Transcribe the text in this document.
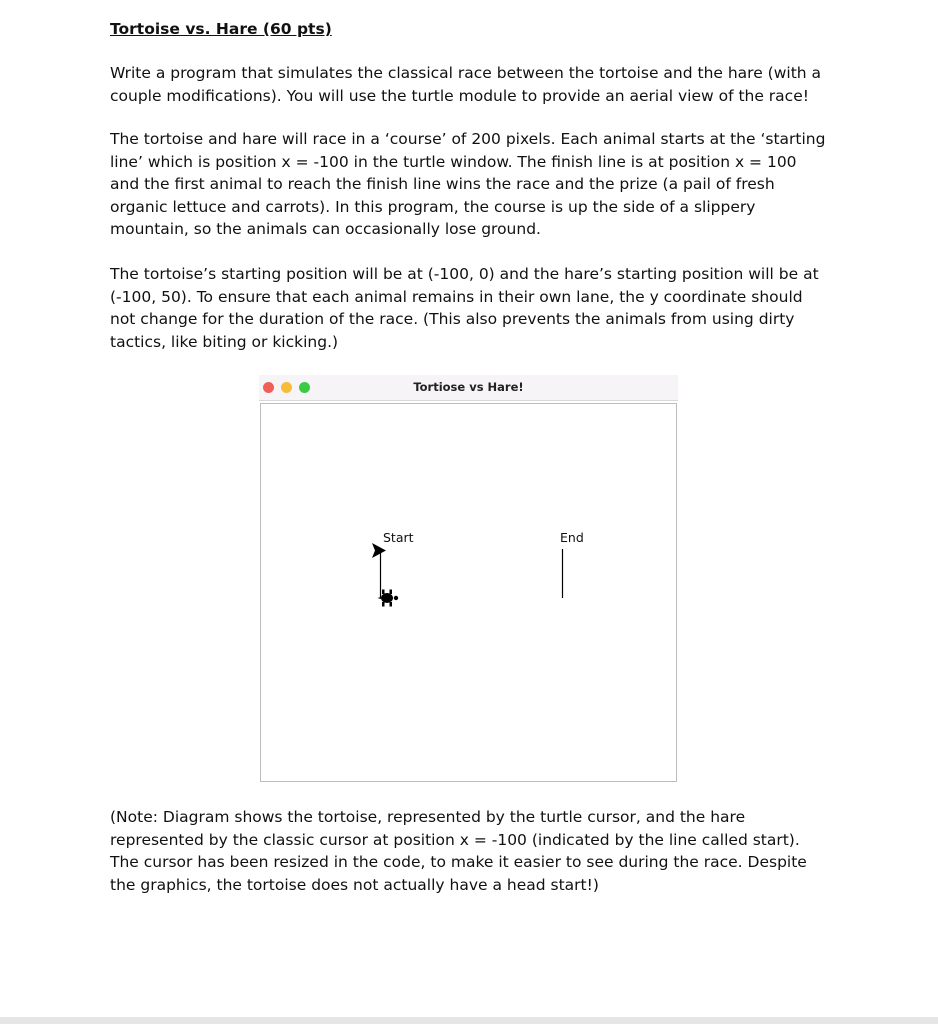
Tortoise vs. Hare (60 pts)

Write a program that simulates the classical race between the tortoise and the hare (with a couple modifications). You will use the turtle module to provide an aerial view of the race!

The tortoise and hare will race in a ‘course’ of 200 pixels. Each animal starts at the ‘starting line’ which is position x = -100 in the turtle window. The finish line is at position x = 100 and the first animal to reach the finish line wins the race and the prize (a pail of fresh organic lettuce and carrots). In this program, the course is up the side of a slippery mountain, so the animals can occasionally lose ground.

The tortoise’s starting position will be at (-100, 0) and the hare’s starting position will be at (-100, 50). To ensure that each animal remains in their own lane, the y coordinate should not change for the duration of the race. (This also prevents the animals from using dirty tactics, like biting or kicking.)

Tortiose vs Hare!
Start	End

(Note: Diagram shows the tortoise, represented by the turtle cursor, and the hare represented by the classic cursor at position x = -100 (indicated by the line called start). The cursor has been resized in the code, to make it easier to see during the race. Despite the graphics, the tortoise does not actually have a head start!)
